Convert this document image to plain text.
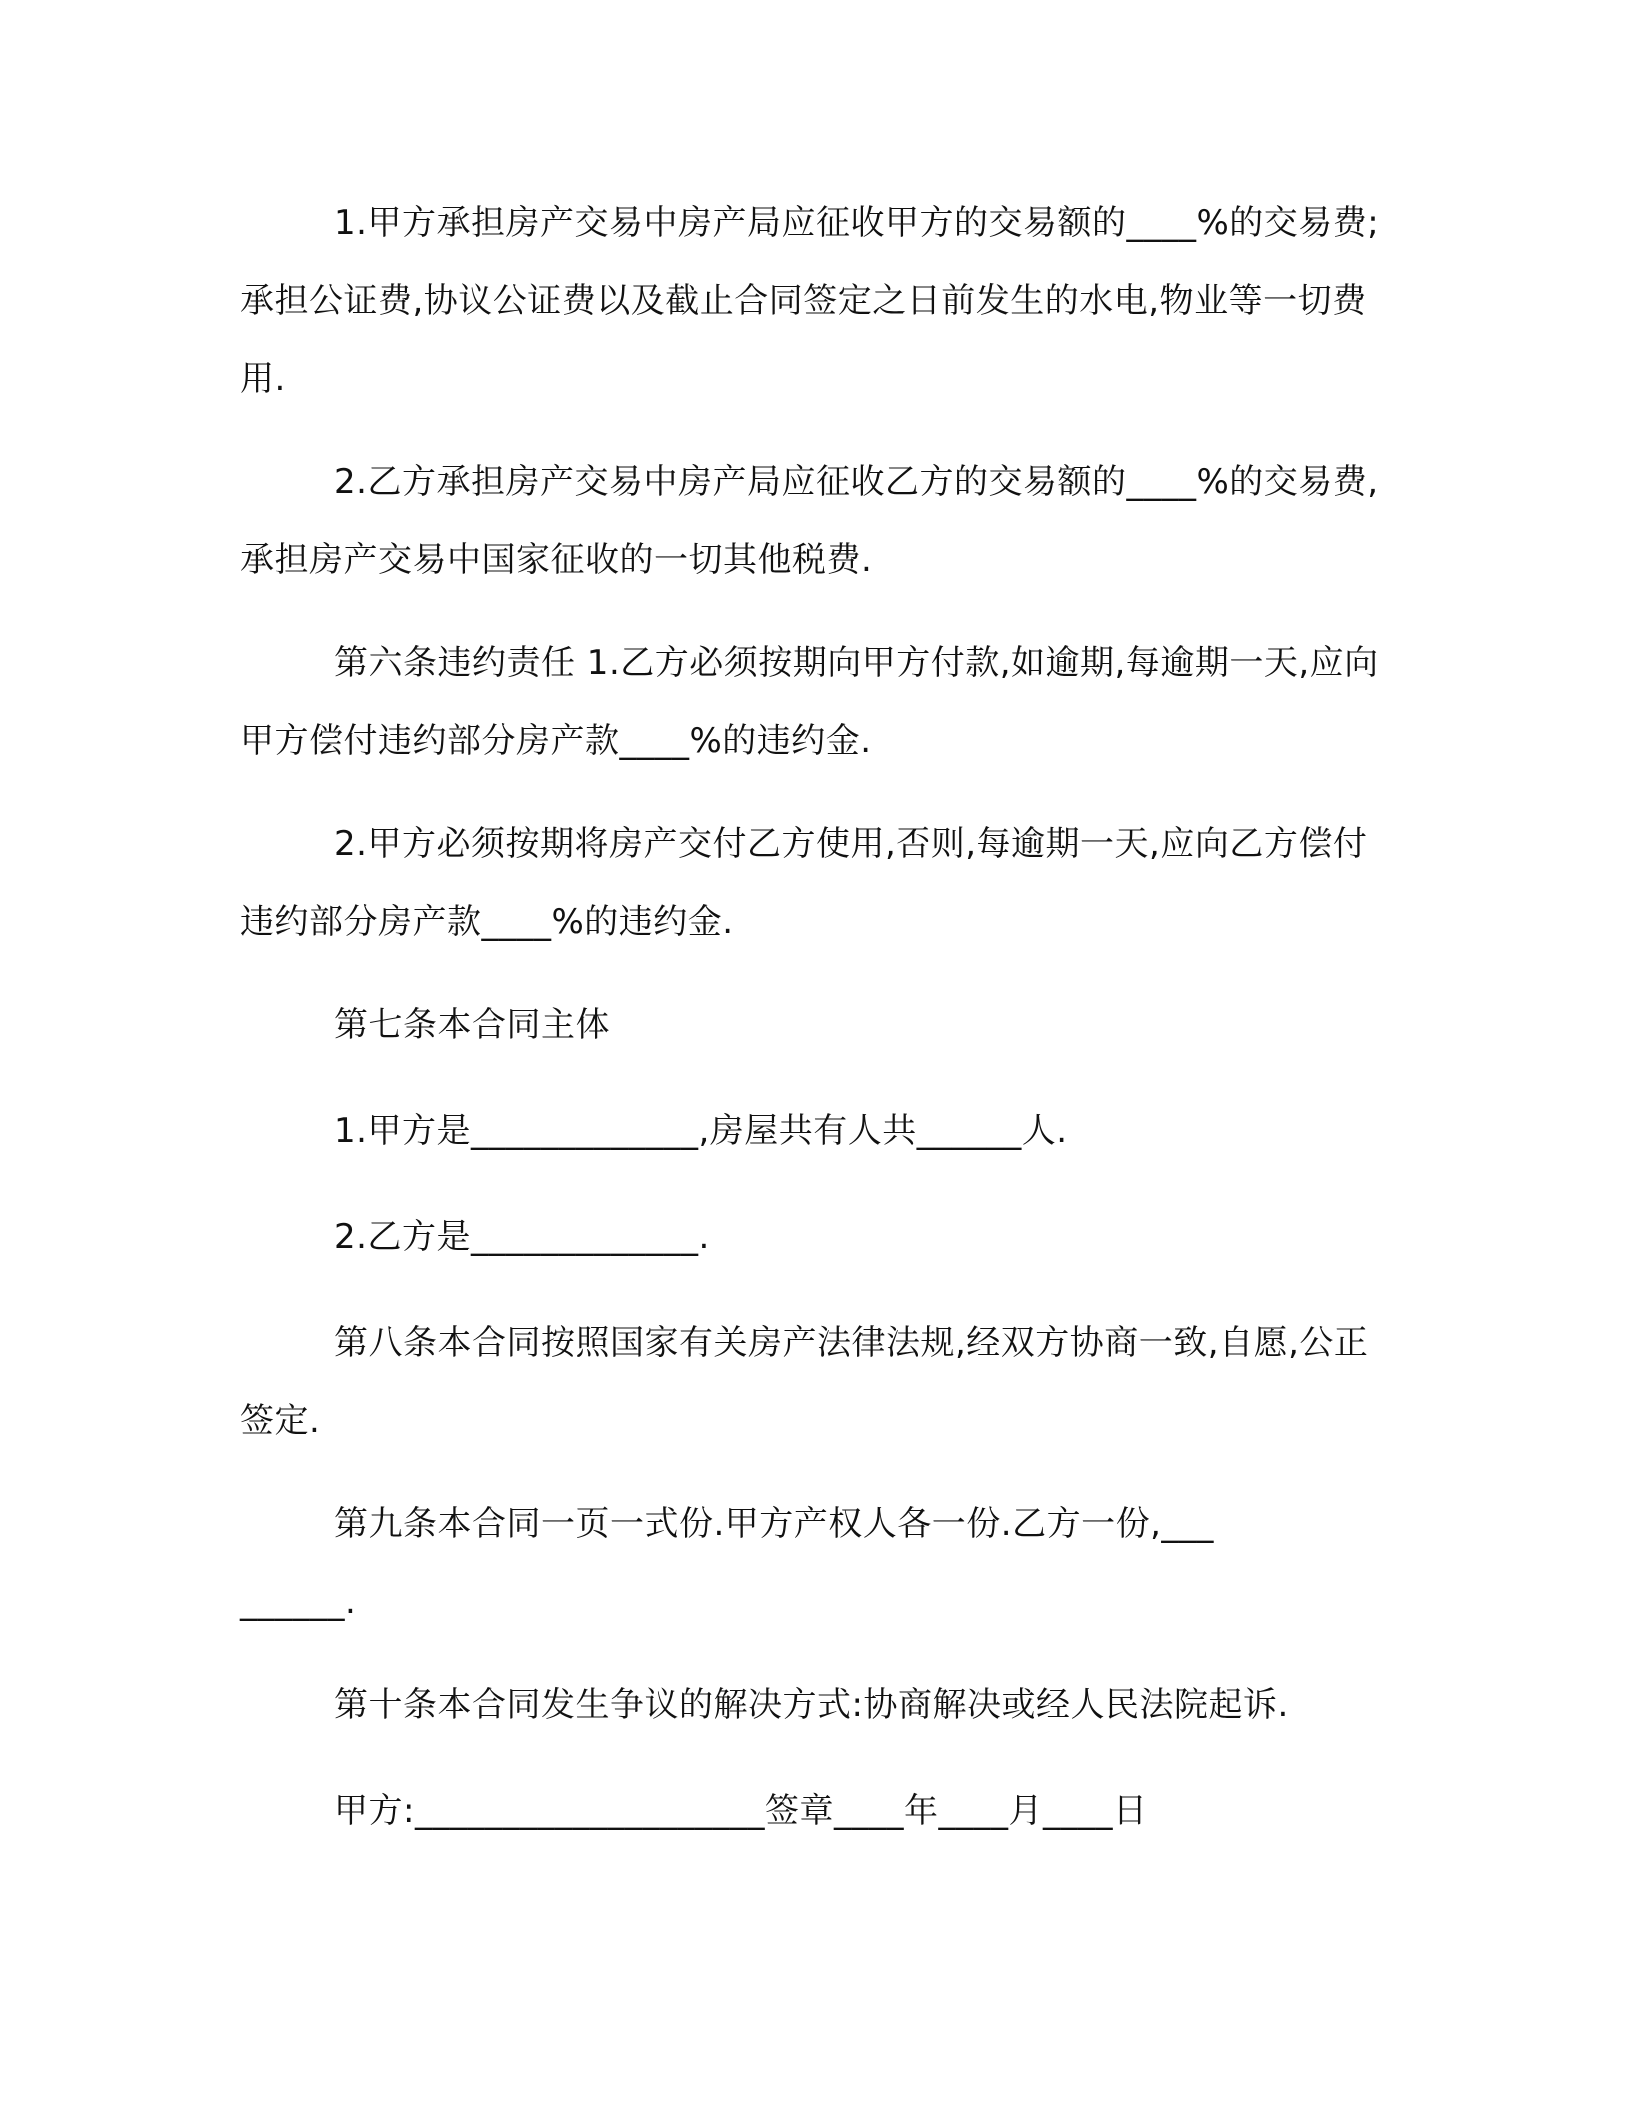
1.甲方承担房产交易中房产局应征收甲方的交易额的____%的交易费;承担公证费,协议公证费以及截止合同签定之日前发生的水电,物业等一切费用.

2.乙方承担房产交易中房产局应征收乙方的交易额的____%的交易费,承担房产交易中国家征收的一切其他税费.

第六条违约责任 1.乙方必须按期向甲方付款,如逾期,每逾期一天,应向甲方偿付违约部分房产款____%的违约金.

2.甲方必须按期将房产交付乙方使用,否则,每逾期一天,应向乙方偿付违约部分房产款____%的违约金.

第七条本合同主体

1.甲方是_____________,房屋共有人共______人.

2.乙方是_____________.

第八条本合同按照国家有关房产法律法规,经双方协商一致,自愿,公正签定.

第九条本合同一页一式份.甲方产权人各一份.乙方一份,_________.

第十条本合同发生争议的解决方式:协商解决或经人民法院起诉.

甲方:____________________签章____年____月____日
